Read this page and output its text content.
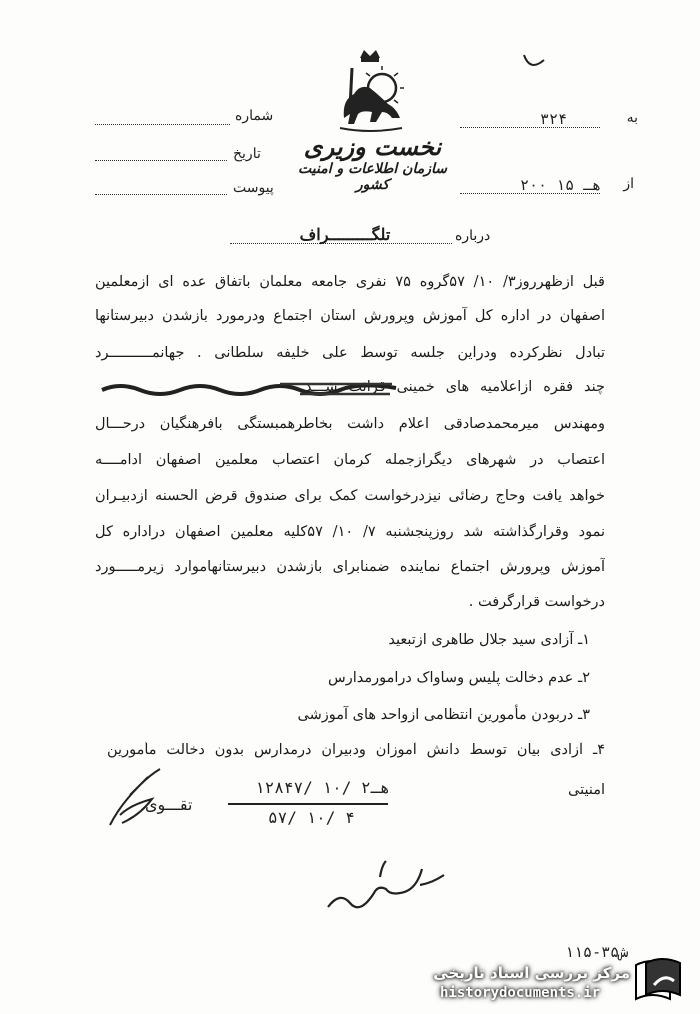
به
۳۲۴
از
۲۰۰ هـ ۱۵
شماره
تاریخ
پیوست
نخست وزیری
سازمان اطلاعات و امنیت کشور
درباره
تلگـــــــــراف
قبل ازظهرروز۳/ ۱۰/ ۵۷گروه ۷۵ نفری جامعه معلمان باتفاق عده ای ازمعلمین
اصفهان در اداره کل آموزش وپرورش استان اجتماع ودرمورد بازشدن دبیرستانها
تبادل نظرکرده ودراین جلسه توسط علی خلیفه سلطانی . جهانمــــــــــرد
چند فقره ازاعلامیه های خمینی قرائت شـــد
ومهندس میرمحمدصادقی اعلام داشت بخاطرهمبستگی بافرهنگیان درحـــال
اعتصاب در شهرهای دیگرازجمله کرمان اعتصاب معلمین اصفهان ادامــــه
خواهد یافت وحاج رضائی نیزدرخواست کمک برای صندوق قرض الحسنه ازدبیـران
نمود وقرارگذاشته شد روزپنجشنبه ۷/ ۱۰/ ۵۷کلیه معلمین اصفهان دراداره کل
آموزش وپرورش اجتماع نماینده ضمنابرای بازشدن دبیرستانهاموارد زیرمـــــورد
درخواست قرارگرفت .
۱ـ آزادی سید جلال طاهری ازتبعید
۲ـ عدم دخالت پلیس وساواک درامورمدارس
۳ـ دربودن مأمورین انتظامی ازواحد های آموزشی
۴ـ آزادی بیان توسط دانش آموزان ودبیران درمدارس بدون دخالت مأمورین
امنیتی
تقـــوی
۱۲۸۴۷/ ۱۰/ ۲هـ
۵۷/ ۱۰/ ۴
۱۱۵-۳۵ش
مرکز بررسی اسناد تاریخی
historydocuments.ir
